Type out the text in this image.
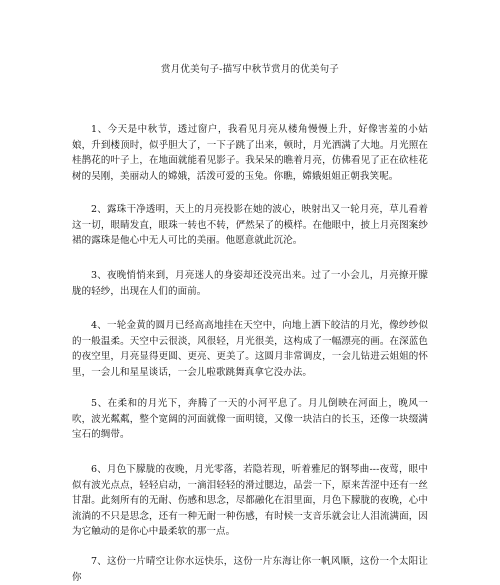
赏月优美句子-描写中秋节赏月的优美句子

1、今天是中秋节，透过窗户，我看见月亮从楼角慢慢上升，好像害羞的小姑娘，升到楼顶时，似乎胆大了，一下子跳了出来，顿时，月光洒满了大地。月光照在桂鹊花的叶子上，在地面就能看见影子。我呆呆的瞧着月亮，仿佛看见了正在砍桂花树的吴刚，美丽动人的嫦娥，活泼可爱的玉兔。你瞧，嫦娥姐姐正朝我笑呢。

2、露珠干净透明，天上的月亮投影在她的波心，映射出又一轮月亮，草儿看着这一切，眼睛发直，眼珠一转也不转，俨然呆了的模样。在他眼中，披上月亮图案纱裙的露珠是他心中无人可比的美丽。他愿意就此沉沦。

3、夜晚悄悄来到，月亮迷人的身姿却还没亮出来。过了一小会儿，月亮撩开朦胧的轻纱，出现在人们的面前。

4、一轮金黄的圆月已经高高地挂在天空中，向地上洒下皎洁的月光，像纱纱似的一般温柔。天空中云很淡，风很轻，月光很美，这构成了一幅漂亮的画。在深蓝色的夜空里，月亮显得更圆、更亮、更美了。这圆月非常调皮，一会儿钻进云姐姐的怀里，一会儿和星星谈话，一会儿啦歌跳舞真拿它没办法。

5、在柔和的月光下，奔腾了一天的小河平息了。月儿倒映在河面上，晚风一吹，波光粼粼，整个宽阔的河面就像一面明镜，又像一块洁白的长玉，还像一块缀满宝石的绸带。

6、月色下朦胧的夜晚，月光零落，若隐若现，听着雅尼的钢琴曲---夜莺，眼中似有波光点点，轻轻启动，一滴泪轻轻的滑过腮边，品尝一下，原来苦涩中还有一丝甘甜。此刻所有的无耐、伤感和思念，尽都融化在泪里面，月色下朦胧的夜晚，心中流淌的不只是思念，还有一种无耐一种伤感，有时候一支音乐就会让人泪流满面，因为它触动的是你心中最柔软的那一点。

7、这份一片晴空让你水远快乐，这份一片东海让你一帆风顺，这份一个太阳让你
